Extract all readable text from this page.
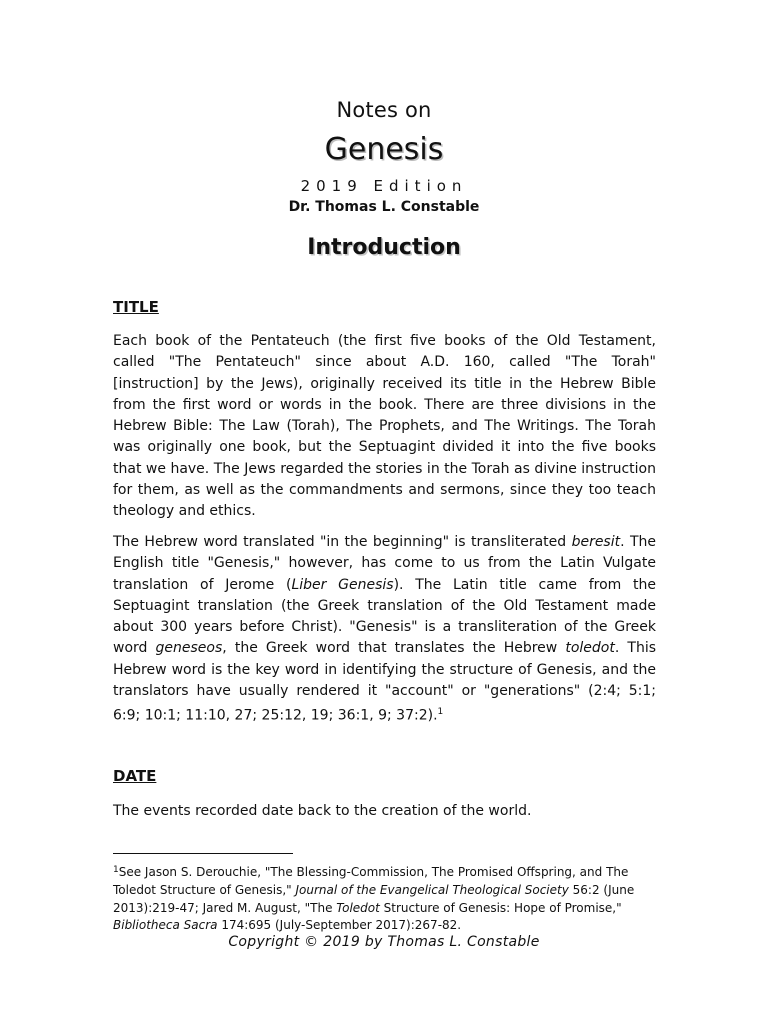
Notes on
Genesis
2019 Edition
Dr. Thomas L. Constable
Introduction
TITLE

Each book of the Pentateuch (the first five books of the Old Testament, called "The Pentateuch" since about A.D. 160, called "The Torah" [instruction] by the Jews), originally received its title in the Hebrew Bible from the first word or words in the book. There are three divisions in the Hebrew Bible: The Law (Torah), The Prophets, and The Writings. The Torah was originally one book, but the Septuagint divided it into the five books that we have. The Jews regarded the stories in the Torah as divine instruction for them, as well as the commandments and sermons, since they too teach theology and ethics.

The Hebrew word translated "in the beginning" is transliterated beresit. The English title "Genesis," however, has come to us from the Latin Vulgate translation of Jerome (Liber Genesis). The Latin title came from the Septuagint translation (the Greek translation of the Old Testament made about 300 years before Christ). "Genesis" is a transliteration of the Greek word geneseos, the Greek word that translates the Hebrew toledot. This Hebrew word is the key word in identifying the structure of Genesis, and the translators have usually rendered it "account" or "generations" (2:4; 5:1; 6:9; 10:1; 11:10, 27; 25:12, 19; 36:1, 9; 37:2).$^1$

DATE

The events recorded date back to the creation of the world.

$^1$See Jason S. Derouchie, "The Blessing-Commission, The Promised Offspring, and The Toledot Structure of Genesis," Journal of the Evangelical Theological Society 56:2 (June 2013):219-47; Jared M. August, "The Toledot Structure of Genesis: Hope of Promise," Bibliotheca Sacra 174:695 (July-September 2017):267-82.

Copyright © 2019 by Thomas L. Constable
